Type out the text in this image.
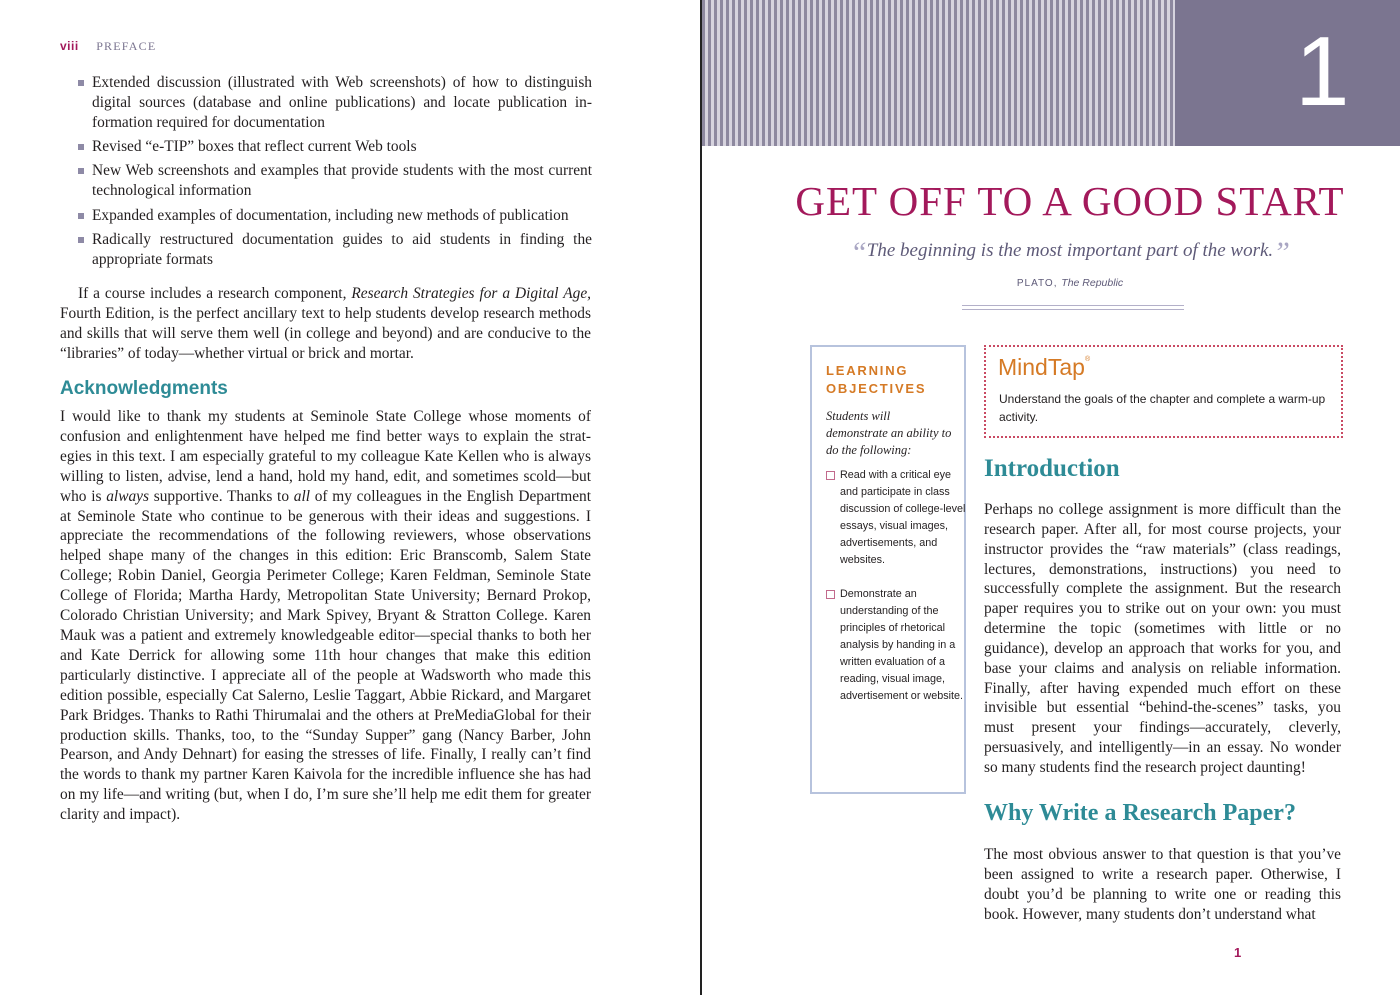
viii PREFACE
Extended discussion (illustrated with Web screenshots) of how to distinguish digital sources (database and online publications) and locate publication information required for documentation
Revised “e-TIP” boxes that reflect current Web tools
New Web screenshots and examples that provide students with the most current technological information
Expanded examples of documentation, including new methods of publication
Radically restructured documentation guides to aid students in finding the appropriate formats

If a course includes a research component, Research Strategies for a Digital Age, Fourth Edition, is the perfect ancillary text to help students develop research methods and skills that will serve them well (in college and beyond) and are conducive to the “libraries” of today—whether virtual or brick and mortar.

Acknowledgments

I would like to thank my students at Seminole State College whose moments of confusion and enlightenment have helped me find better ways to explain the strategies in this text. I am especially grateful to my colleague Kate Kellen who is always willing to listen, advise, lend a hand, hold my hand, edit, and sometimes scold—but who is always supportive. Thanks to all of my colleagues in the English Department at Seminole State who continue to be generous with their ideas and suggestions. I appreciate the recommendations of the following reviewers, whose observations helped shape many of the changes in this edition: Eric Branscomb, Salem State College; Robin Daniel, Georgia Perimeter College; Karen Feldman, Seminole State College of Florida; Martha Hardy, Metropolitan State University; Bernard Prokop, Colorado Christian University; and Mark Spivey, Bryant & Stratton College. Karen Mauk was a patient and extremely knowledgeable editor—special thanks to both her and Kate Derrick for allowing some 11th hour changes that make this edition particularly distinctive. I appreciate all of the people at Wadsworth who made this edition possible, especially Cat Salerno, Leslie Taggart, Abbie Rickard, and Margaret Park Bridges. Thanks to Rathi Thirumalai and the others at PreMediaGlobal for their production skills. Thanks, too, to the “Sunday Supper” gang (Nancy Barber, John Pearson, and Andy Dehnart) for easing the stresses of life. Finally, I really can’t find the words to thank my partner Karen Kaivola for the incredible influence she has had on my life—and writing (but, when I do, I’m sure she’ll help me edit them for greater clarity and impact).

1
GET OFF TO A GOOD START
“The beginning is the most important part of the work.”
PLATO, The Republic
LEARNING
OBJECTIVES
Students will demonstrate an ability to do the following:
Read with a critical eye and participate in class discussion of college-level essays, visual images, advertisements, and websites.
Demonstrate an understanding of the principles of rhetorical analysis by handing in a written evaluation of a reading, visual image, advertisement or website.
MindTap®
Understand the goals of the chapter and complete a warm-up activity.
Introduction

Perhaps no college assignment is more difficult than the research paper. After all, for most course projects, your instructor provides the “raw materials” (class readings, lectures, demonstrations, instructions) you need to successfully complete the assignment. But the research paper requires you to strike out on your own: you must determine the topic (sometimes with little or no guidance), develop an approach that works for you, and base your claims and analysis on reliable information. Finally, after having expended much effort on these invisible but essential “behind-the-scenes” tasks, you must present your findings—accurately, cleverly, persuasively, and intelligently—in an essay. No wonder so many students find the research project daunting!

Why Write a Research Paper?

The most obvious answer to that question is that you’ve been assigned to write a research paper. Otherwise, I doubt you’d be planning to write one or reading this book. However, many students don’t understand what

1
